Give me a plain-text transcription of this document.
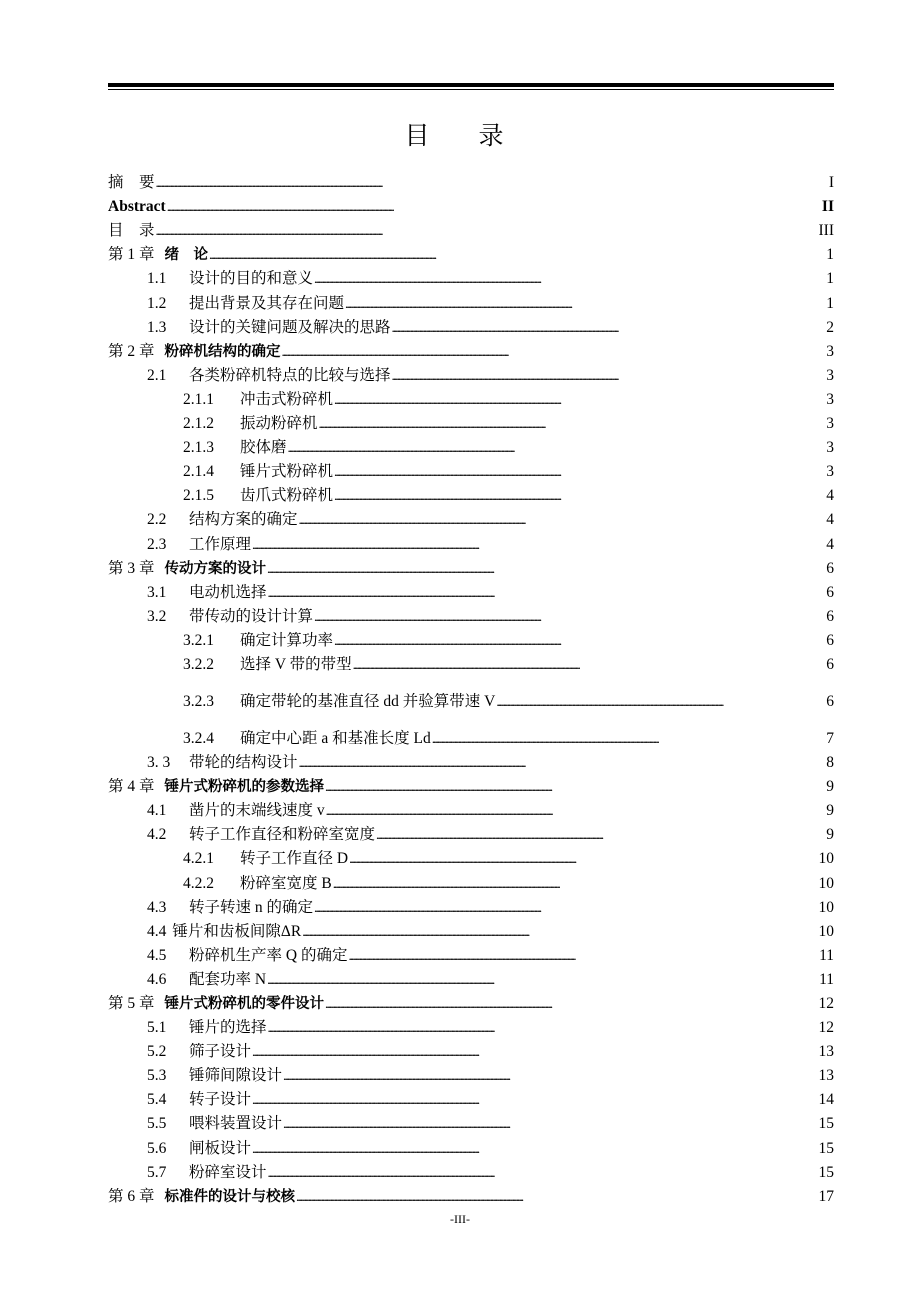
目　录
摘　要 . . .	I
Abstract . . .	II
目　录 . . .	III
第 1 章 绪　论 . . .	1
1.1	设计的目的和意义 . . .	1
1.2	提出背景及其存在问题 . . .	1
1.3	设计的关键问题及解决的思路 . . .	2
第 2 章 粉碎机结构的确定 . . .	3
2.1	各类粉碎机特点的比较与选择 . . .	3
2.1.1	冲击式粉碎机 . . .	3
2.1.2	振动粉碎机 . . .	3
2.1.3	胶体磨 . . .	3
2.1.4	锤片式粉碎机 . . .	3
2.1.5	齿爪式粉碎机 . . .	4
2.2	结构方案的确定 . . .	4
2.3	工作原理 . . .	4
第 3 章 传动方案的设计 . . .	6
3.1	电动机选择 . . .	6
3.2	带传动的设计计算 . . .	6
3.2.1	确定计算功率 . . .	6
3.2.2	选择 V 带的带型 . . .	6
3.2.3	确定带轮的基准直径 dd 并验算带速 V . . .	6
3.2.4	确定中心距 a 和基准长度 Ld . . .	7
3. 3	带轮的结构设计 . . .	8
第 4 章 锤片式粉碎机的参数选择 . . .	9
4.1	凿片的末端线速度 v . . .	9
4.2	转子工作直径和粉碎室宽度 . . .	9
4.2.1	转子工作直径 D . . .	10
4.2.2	粉碎室宽度 B . . .	10
4.3	转子转速 n 的确定 . . .	10
4.4 锤片和齿板间隙ΔR . . .	10
4.5	粉碎机生产率 Q 的确定 . . .	11
4.6	配套功率 N . . .	11
第 5 章 锤片式粉碎机的零件设计 . . .	12
5.1	锤片的选择 . . .	12
5.2	筛子设计 . . .	13
5.3	锤筛间隙设计 . . .	13
5.4	转子设计 . . .	14
5.5	喂料装置设计 . . .	15
5.6	闸板设计 . . .	15
5.7	粉碎室设计 . . .	15
第 6 章 标准件的设计与校核 . . .	17
-III-
